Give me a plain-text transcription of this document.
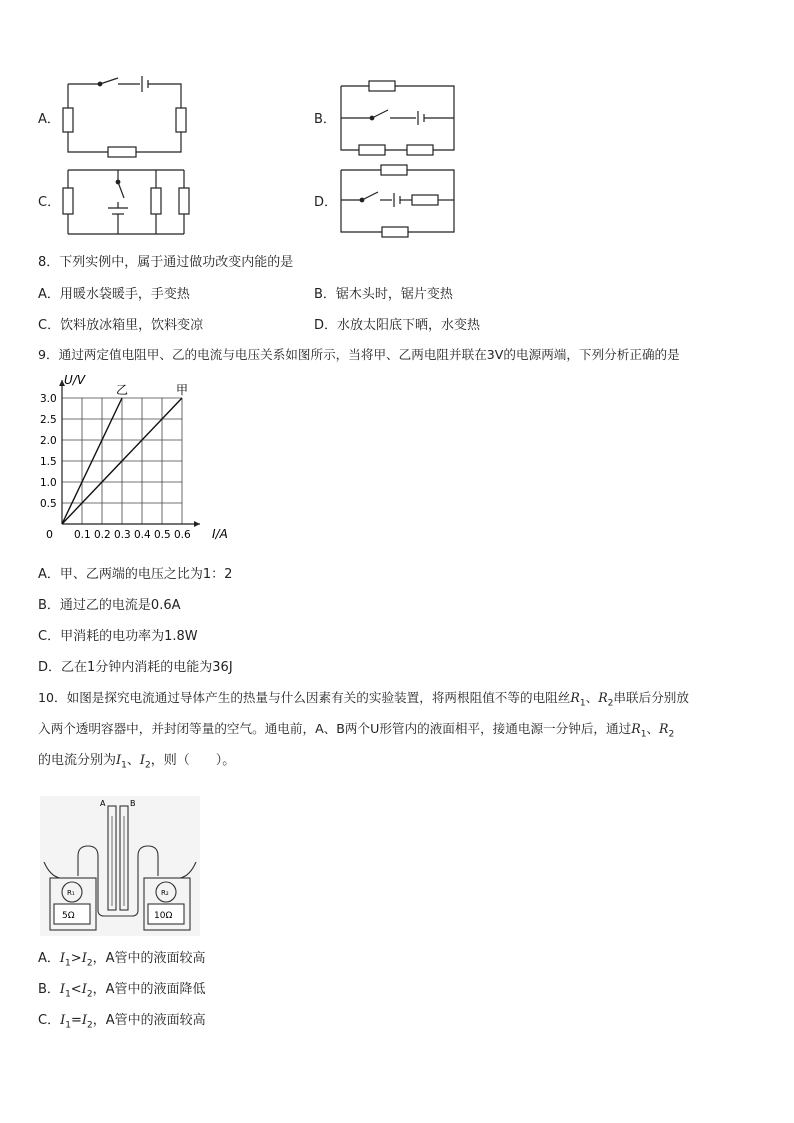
A．	B．
C．	D．
8．下列实例中，属于通过做功改变内能的是
A．用暖水袋暖手，手变热	B．锯木头时，锯片变热
C．饮料放冰箱里，饮料变凉	D．水放太阳底下晒，水变热
9．通过两定值电阻甲、乙的电流与电压关系如图所示，当将甲、乙两电阻并联在3V的电源两端，下列分析正确的是
0.1 0.2 0.3 0.4 0.5 0.6
0.5
1.0
1.5
2.0
2.5
3.0
U/V
I/A
0
乙	甲
A．甲、乙两端的电压之比为1：2
B．通过乙的电流是0.6A
C．甲消耗的电功率为1.8W
D．乙在1分钟内消耗的电能为36J
10．如图是探究电流通过导体产生的热量与什么因素有关的实验装置，将两根阻值不等的电阻丝$R_1$、$R_2$串联后分别放
入两个透明容器中，并封闭等量的空气。通电前，A、B两个U形管内的液面相平，接通电源一分钟后，通过$R_1$、$R_2$
的电流分别为$I_1$、$I_2$，则（　　）。
A	B
R₁	R₂
5Ω	10Ω
A．$I_1>I_2$，A管中的液面较高
B．$I_1<I_2$，A管中的液面降低
C．$I_1=I_2$，A管中的液面较高
